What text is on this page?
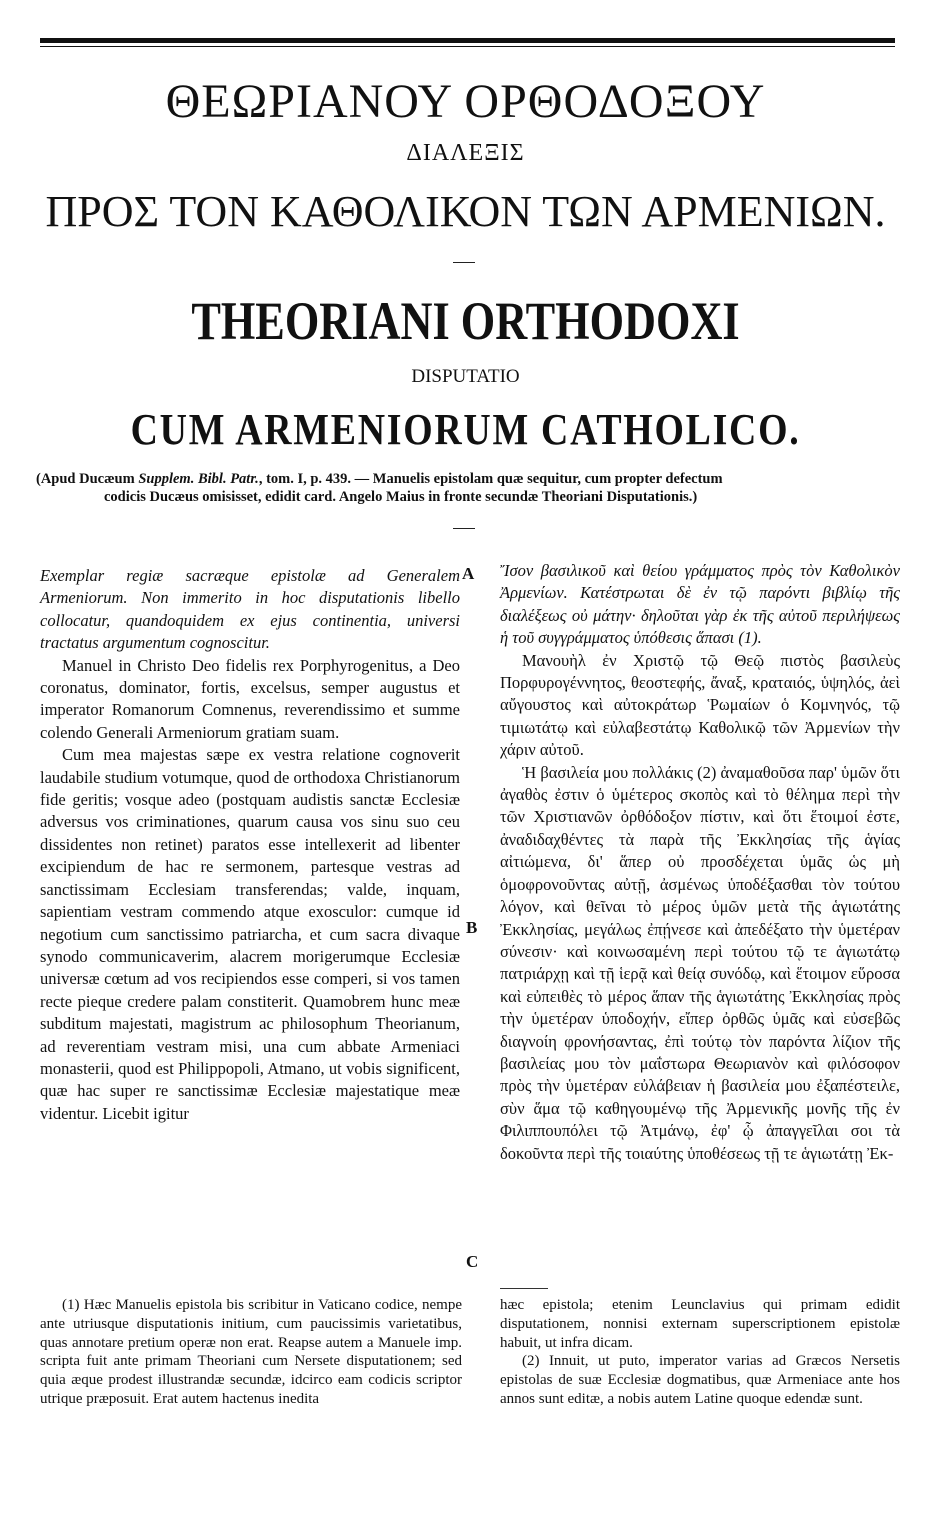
ΘΕΩΡΙΑΝΟΥ ΟΡΘΟΔΟΞΟΥ
ΔΙΑΛΕΞΙΣ
ΠΡΟΣ ΤΟΝ ΚΑΘΟΛΙΚΟΝ ΤΩΝ ΑΡΜΕΝΙΩΝ.
THEORIANI ORTHODOXI
DISPUTATIO
CUM ARMENIORUM CATHOLICO.
(Apud Ducæum Supplem. Bibl. Patr., tom. I, p. 439. — Manuelis epistolam quæ sequitur, cum propter defectum
codicis Ducæus omisisset, edidit card. Angelo Maius in fronte secundæ Theoriani Disputationis.)

Exemplar regiæ sacræque epistolæ ad Generalem Armeniorum. Non immerito in hoc disputationis libello collocatur, quandoquidem ex ejus continentia, universi tractatus argumentum cognoscitur.

Manuel in Christo Deo fidelis rex Porphyrogenitus, a Deo coronatus, dominator, fortis, excelsus, semper augustus et imperator Romanorum Comnenus, reverendissimo et summe colendo Generali Armeniorum gratiam suam.

Cum mea majestas sæpe ex vestra relatione cognoverit laudabile studium votumque, quod de orthodoxa Christianorum fide geritis; vosque adeo (postquam audistis sanctæ Ecclesiæ adversus vos criminationes, quarum causa vos sinu suo ceu dissidentes non retinet) paratos esse intellexerit ad libenter excipiendum de hac re sermonem, partesque vestras ad sanctissimam Ecclesiam transferendas; valde, inquam, sapientiam vestram commendo atque exosculor: cumque id negotium cum sanctissimo patriarcha, et cum sacra divaque synodo communicaverim, alacrem morigerumque Ecclesiæ universæ cœtum ad vos recipiendos esse comperi, si vos tamen recte pieque credere palam constiterit. Quamobrem hunc meæ subditum majestati, magistrum ac philosophum Theorianum, ad reverentiam vestram misi, una cum abbate Armeniaci monasterii, quod est Philippopoli, Atmano, ut vobis significent, quæ hac super re sanctissimæ Ecclesiæ majestatique meæ videntur. Licebit igitur

A
B
C

Ἴσον βασιλικοῦ καὶ θείου γράμματος πρὸς τὸν Καθολικὸν Ἀρμενίων. Κατέστρωται δὲ ἐν τῷ παρόντι βιβλίῳ τῆς διαλέξεως οὐ μάτην· δηλοῦται γὰρ ἐκ τῆς αὐτοῦ περιλήψεως ἡ τοῦ συγγράμματος ὑπόθεσις ἅπασι (1).

Μανουὴλ ἐν Χριστῷ τῷ Θεῷ πιστὸς βασιλεὺς Πορφυρογέννητος, θεοστεφής, ἄναξ, κραταιός, ὑψηλός, ἀεὶ αὔγουστος καὶ αὐτοκράτωρ Ῥωμαίων ὁ Κομνηνός, τῷ τιμιωτάτῳ καὶ εὐλαβεστάτῳ Καθολικῷ τῶν Ἀρμενίων τὴν χάριν αὐτοῦ.

Ἡ βασιλεία μου πολλάκις (2) ἀναμαθοῦσα παρ' ὑμῶν ὅτι ἀγαθὸς ἐστιν ὁ ὑμέτερος σκοπὸς καὶ τὸ θέλημα περὶ τὴν τῶν Χριστιανῶν ὀρθόδοξον πίστιν, καὶ ὅτι ἕτοιμοί ἐστε, ἀναδιδαχθέντες τὰ παρὰ τῆς Ἐκκλησίας τῆς ἁγίας αἰτιώμενα, δι' ἅπερ οὐ προσδέχεται ὑμᾶς ὡς μὴ ὁμοφρονοῦντας αὐτῇ, ἀσμένως ὑποδέξασθαι τὸν τούτου λόγον, καὶ θεῖναι τὸ μέρος ὑμῶν μετὰ τῆς ἁγιωτάτης Ἐκκλησίας, μεγάλως ἐπῄνεσε καὶ ἀπεδέξατο τὴν ὑμετέραν σύνεσιν· καὶ κοινωσαμένη περὶ τούτου τῷ τε ἁγιωτάτῳ πατριάρχῃ καὶ τῇ ἱερᾷ καὶ θείᾳ συνόδῳ, καὶ ἕτοιμον εὕροσα καὶ εὐπειθὲς τὸ μέρος ἅπαν τῆς ἁγιωτάτης Ἐκκλησίας πρὸς τὴν ὑμετέραν ὑποδοχήν, εἴπερ ὀρθῶς ὑμᾶς καὶ εὐσεβῶς διαγνοίη φρονήσαντας, ἐπὶ τούτῳ τὸν παρόντα λίζιον τῆς βασιλείας μου τὸν μαΐστωρα Θεωριανὸν καὶ φιλόσοφον πρὸς τὴν ὑμετέραν εὐλάβειαν ἡ βασιλεία μου ἐξαπέστειλε, σὺν ἅμα τῷ καθηγουμένῳ τῆς Ἀρμενικῆς μονῆς τῆς ἐν Φιλιππουπόλει τῷ Ἀτμάνῳ, ἐφ' ᾧ ἀπαγγεῖλαι σοι τὰ δοκοῦντα περὶ τῆς τοιαύτης ὑποθέσεως τῇ τε ἁγιωτάτῃ Ἐκ-

(1) Hæc Manuelis epistola bis scribitur in Vaticano codice, nempe ante utriusque disputationis initium, cum paucissimis varietatibus, quas annotare pretium operæ non erat. Reapse autem a Manuele imp. scripta fuit ante primam Theoriani cum Nersete disputationem; sed quia æque prodest illustrandæ secundæ, idcirco eam codicis scriptor utrique præposuit. Erat autem hactenus inedita

hæc epistola; etenim Leunclavius qui primam edidit disputationem, nonnisi externam superscriptionem epistolæ habuit, ut infra dicam.

(2) Innuit, ut puto, imperator varias ad Græcos Nersetis epistolas de suæ Ecclesiæ dogmatibus, quæ Armeniace ante hos annos sunt editæ, a nobis autem Latine quoque edendæ sunt.
